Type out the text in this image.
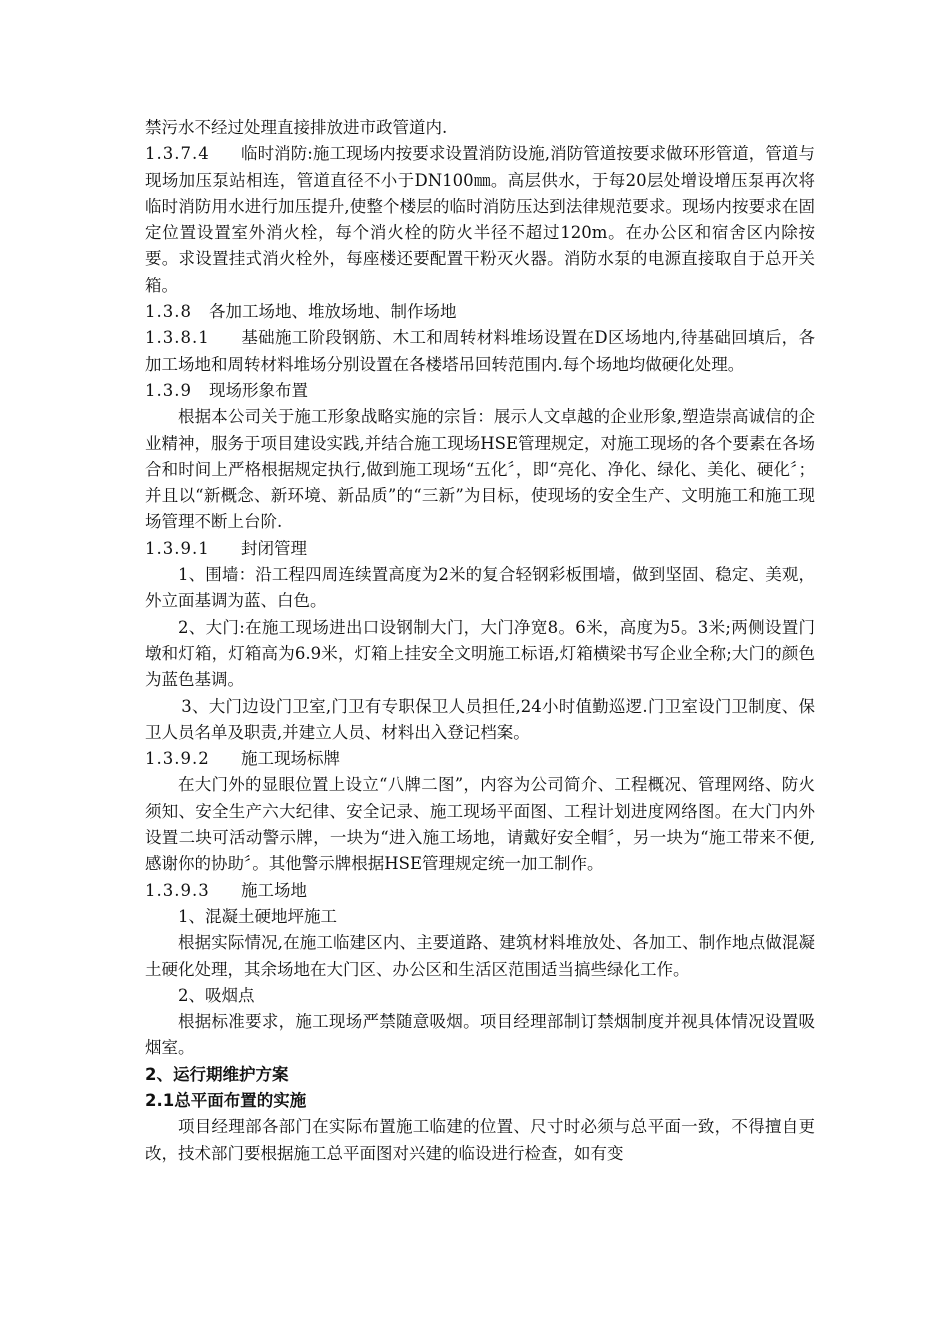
禁污水不经过处理直接排放进市政管道内.

1.3.7.4 临时消防:施工现场内按要求设置消防设施,消防管道按要求做环形管道，管道与现场加压泵站相连，管道直径不小于DN100㎜。高层供水，于每20层处增设增压泵再次将临时消防用水进行加压提升,使整个楼层的临时消防压达到法律规范要求。现场内按要求在固定位置设置室外消火栓，每个消火栓的防火半径不超过120m。在办公区和宿舍区内除按要。求设置挂式消火栓外，每座楼还要配置干粉灭火器。消防水泵的电源直接取自于总开关箱。

1.3.8 各加工场地、堆放场地、制作场地

1.3.8.1 基础施工阶段钢筋、木工和周转材料堆场设置在D区场地内,待基础回填后，各加工场地和周转材料堆场分别设置在各楼塔吊回转范围内.每个场地均做硬化处理。

1.3.9 现场形象布置

根据本公司关于施工形象战略实施的宗旨：展示人文卓越的企业形象,塑造崇高诚信的企业精神，服务于项目建设实践,并结合施工现场HSE管理规定，对施工现场的各个要素在各场合和时间上严格根据规定执行,做到施工现场“五化〞，即“亮化、净化、绿化、美化、硬化〞；并且以“新概念、新环境、新品质”的“三新”为目标，使现场的安全生产、文明施工和施工现场管理不断上台阶.

1.3.9.1 封闭管理

1、围墙：沿工程四周连续置高度为2米的复合轻钢彩板围墙，做到坚固、稳定、美观，外立面基调为蓝、白色。

2、大门:在施工现场进出口设钢制大门，大门净宽8。6米，高度为5。3米;两侧设置门墩和灯箱，灯箱高为6.9米，灯箱上挂安全文明施工标语,灯箱横梁书写企业全称;大门的颜色为蓝色基调。

3、大门边设门卫室,门卫有专职保卫人员担任,24小时值勤巡逻.门卫室设门卫制度、保卫人员名单及职责,并建立人员、材料出入登记档案。

1.3.9.2 施工现场标牌

在大门外的显眼位置上设立“八牌二图”，内容为公司简介、工程概况、管理网络、防火须知、安全生产六大纪律、安全记录、施工现场平面图、工程计划进度网络图。在大门内外设置二块可活动警示牌，一块为“进入施工场地，请戴好安全帽〞，另一块为“施工带来不便,感谢你的协助〞。其他警示牌根据HSE管理规定统一加工制作。

1.3.9.3 施工场地

1、混凝土硬地坪施工

根据实际情况,在施工临建区内、主要道路、建筑材料堆放处、各加工、制作地点做混凝土硬化处理，其余场地在大门区、办公区和生活区范围适当搞些绿化工作。

2、吸烟点

根据标准要求，施工现场严禁随意吸烟。项目经理部制订禁烟制度并视具体情况设置吸烟室。

2、运行期维护方案

2.1总平面布置的实施

项目经理部各部门在实际布置施工临建的位置、尺寸时必须与总平面一致，不得擅自更改，技术部门要根据施工总平面图对兴建的临设进行检查，如有变
